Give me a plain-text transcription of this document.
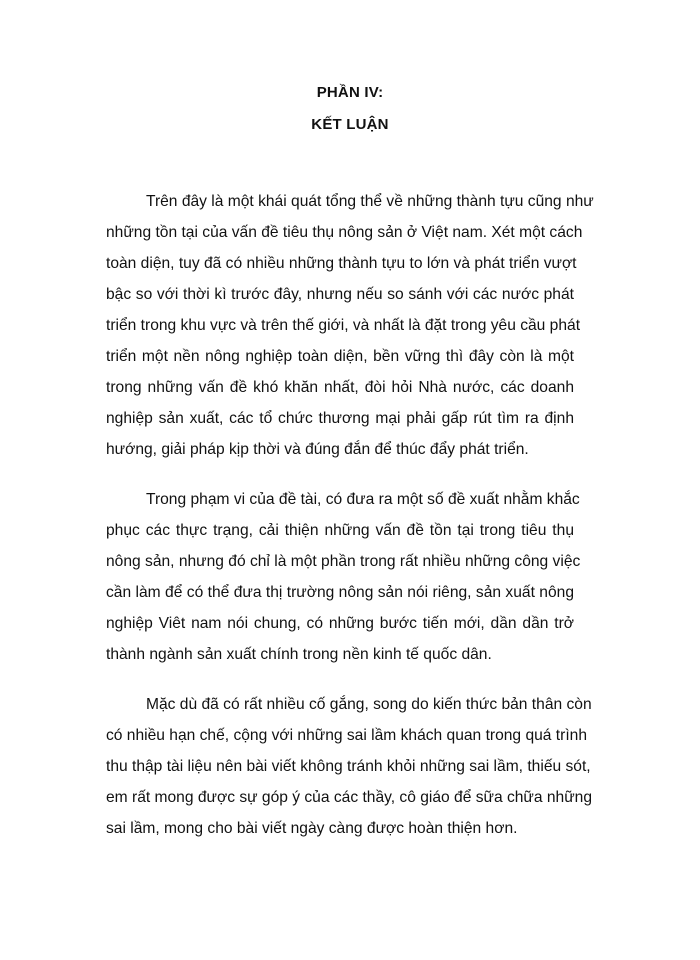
PHẦN IV:
KẾT LUẬN
Trên đây là một khái quát tổng thể về những thành tựu cũng như
những tồn tại của vấn đề tiêu thụ nông sản ở Việt nam. Xét một cách
toàn diện, tuy đã có nhiều những thành tựu to lớn và phát triển vượt
bậc so với thời kì trước đây, nhưng nếu so sánh với các nước phát
triển trong khu vực và trên thế giới, và nhất là đặt trong yêu cầu phát
triển một nền nông nghiệp toàn diện, bền vững thì đây còn là một
trong những vấn đề khó khăn nhất, đòi hỏi Nhà nước, các doanh
nghiệp sản xuất, các tổ chức thương mại phải gấp rút tìm ra định
hướng, giải pháp kịp thời và đúng đắn để thúc đẩy phát triển.
Trong phạm vi của đề tài, có đưa ra một số đề xuất nhằm khắc
phục các thực trạng, cải thiện những vấn đề tồn tại trong tiêu thụ
nông sản, nhưng đó chỉ là một phần trong rất nhiều những công việc
cần làm để có thể đưa thị trường nông sản nói riêng, sản xuất nông
nghiệp Viêt nam nói chung, có những bước tiến mới, dần dần trở
thành ngành sản xuất chính trong nền kinh tế quốc dân.
Mặc dù đã có rất nhiều cố gắng, song do kiến thức bản thân còn
có nhiều hạn chế, cộng với những sai lầm khách quan trong quá trình
thu thập tài liệu nên bài viết không tránh khỏi những sai lầm, thiếu sót,
em rất mong được sự góp ý của các thầy, cô giáo để sữa chữa những
sai lầm, mong cho bài viết ngày càng được hoàn thiện hơn.
